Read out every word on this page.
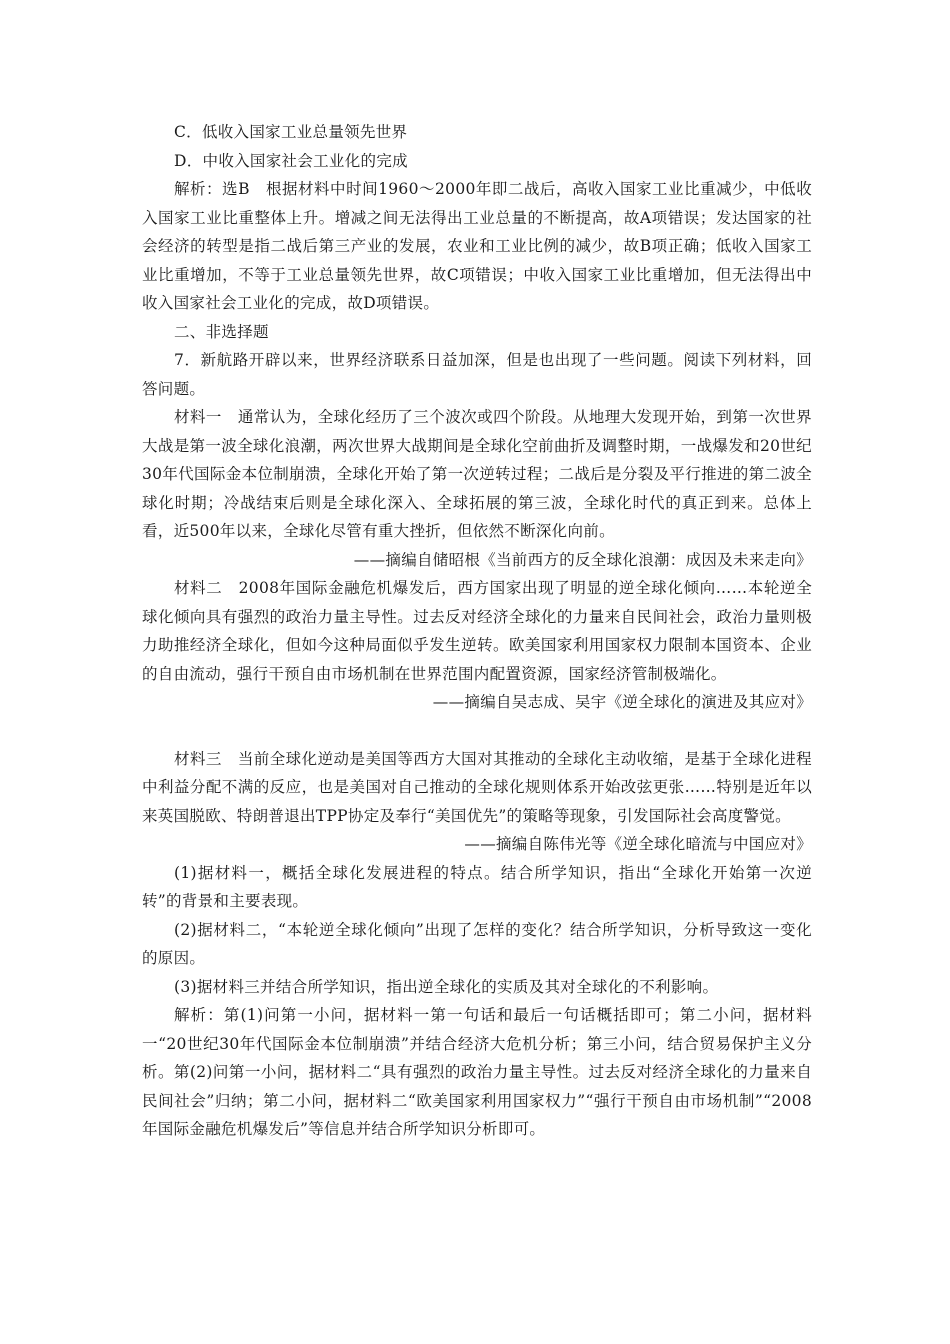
C．低收入国家工业总量领先世界

D．中收入国家社会工业化的完成

解析：选B　根据材料中时间1960～2000年即二战后，高收入国家工业比重减少，中低收入国家工业比重整体上升。增减之间无法得出工业总量的不断提高，故A项错误；发达国家的社会经济的转型是指二战后第三产业的发展，农业和工业比例的减少，故B项正确；低收入国家工业比重增加，不等于工业总量领先世界，故C项错误；中收入国家工业比重增加，但无法得出中收入国家社会工业化的完成，故D项错误。

二、非选择题

7．新航路开辟以来，世界经济联系日益加深，但是也出现了一些问题。阅读下列材料，回答问题。

材料一　通常认为，全球化经历了三个波次或四个阶段。从地理大发现开始，到第一次世界大战是第一波全球化浪潮，两次世界大战期间是全球化空前曲折及调整时期，一战爆发和20世纪30年代国际金本位制崩溃，全球化开始了第一次逆转过程；二战后是分裂及平行推进的第二波全球化时期；冷战结束后则是全球化深入、全球拓展的第三波，全球化时代的真正到来。总体上看，近500年以来，全球化尽管有重大挫折，但依然不断深化向前。

——摘编自储昭根《当前西方的反全球化浪潮：成因及未来走向》

材料二　2008年国际金融危机爆发后，西方国家出现了明显的逆全球化倾向……本轮逆全球化倾向具有强烈的政治力量主导性。过去反对经济全球化的力量来自民间社会，政治力量则极力助推经济全球化，但如今这种局面似乎发生逆转。欧美国家利用国家权力限制本国资本、企业的自由流动，强行干预自由市场机制在世界范围内配置资源，国家经济管制极端化。

——摘编自吴志成、吴宇《逆全球化的演进及其应对》

材料三　当前全球化逆动是美国等西方大国对其推动的全球化主动收缩，是基于全球化进程中利益分配不满的反应，也是美国对自己推动的全球化规则体系开始改弦更张……特别是近年以来英国脱欧、特朗普退出TPP协定及奉行“美国优先”的策略等现象，引发国际社会高度警觉。

——摘编自陈伟光等《逆全球化暗流与中国应对》

(1)据材料一，概括全球化发展进程的特点。结合所学知识，指出“全球化开始第一次逆转”的背景和主要表现。

(2)据材料二，“本轮逆全球化倾向”出现了怎样的变化？结合所学知识，分析导致这一变化的原因。

(3)据材料三并结合所学知识，指出逆全球化的实质及其对全球化的不利影响。

解析：第(1)问第一小问，据材料一第一句话和最后一句话概括即可；第二小问，据材料一“20世纪30年代国际金本位制崩溃”并结合经济大危机分析；第三小问，结合贸易保护主义分析。第(2)问第一小问，据材料二“具有强烈的政治力量主导性。过去反对经济全球化的力量来自民间社会”归纳；第二小问，据材料二“欧美国家利用国家权力”“强行干预自由市场机制”“2008年国际金融危机爆发后”等信息并结合所学知识分析即可。
